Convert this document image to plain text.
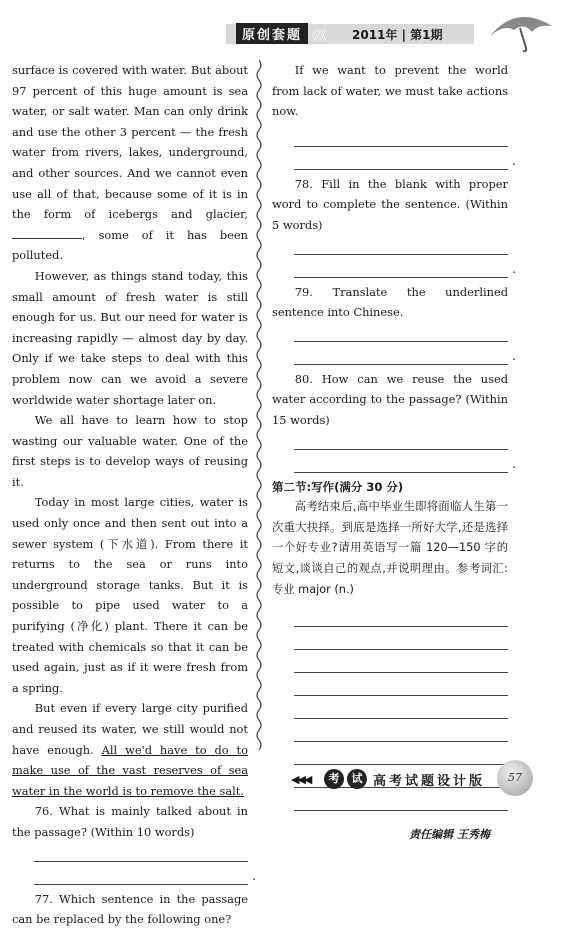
原创套题 《《《 2011年 | 第1期

surface is covered with water. But about 97 percent of this huge amount is sea water, or salt water. Man can only drink and use the other 3 percent — the fresh water from rivers, lakes, underground, and other sources. And we cannot even use all of that, because some of it is in the form of icebergs and glacier, , some of it has been polluted.

However, as things stand today, this small amount of fresh water is still enough for us. But our need for water is increasing rapidly — almost day by day. Only if we take steps to deal with this problem now can we avoid a severe worldwide water shortage later on.

We all have to learn how to stop wasting our valuable water. One of the first steps is to develop ways of reusing it.

Today in most large cities, water is used only once and then sent out into a sewer system (下水道). From there it returns to the sea or runs into underground storage tanks. But it is possible to pipe used water to a purifying (净化) plant. There it can be treated with chemicals so that it can be used again, just as if it were fresh from a spring.

But even if every large city purified and reused its water, we still would not have enough. All we'd have to do to make use of the vast reserves of sea water in the world is to remove the salt.

76. What is mainly talked about in the passage? (Within 10 words)

.

77. Which sentence in the passage can be replaced by the following one?

If we want to prevent the world from lack of water, we must take actions now.

.

78. Fill in the blank with proper word to complete the sentence. (Within 5 words)

.

79. Translate the underlined sentence into Chinese.

.

80. How can we reuse the used water according to the passage? (Within 15 words)

.
第二节:写作(满分 30 分)

高考结束后,高中毕业生即将面临人生第一次重大抉择。到底是选择一所好大学,还是选择一个好专业?请用英语写一篇 120—150 字的短文,谈谈自己的观点,并说明理由。参考词汇:专业 major (n.)

责任编辑 王秀梅
◀◀◀	考	试 高考试题设计版	57
